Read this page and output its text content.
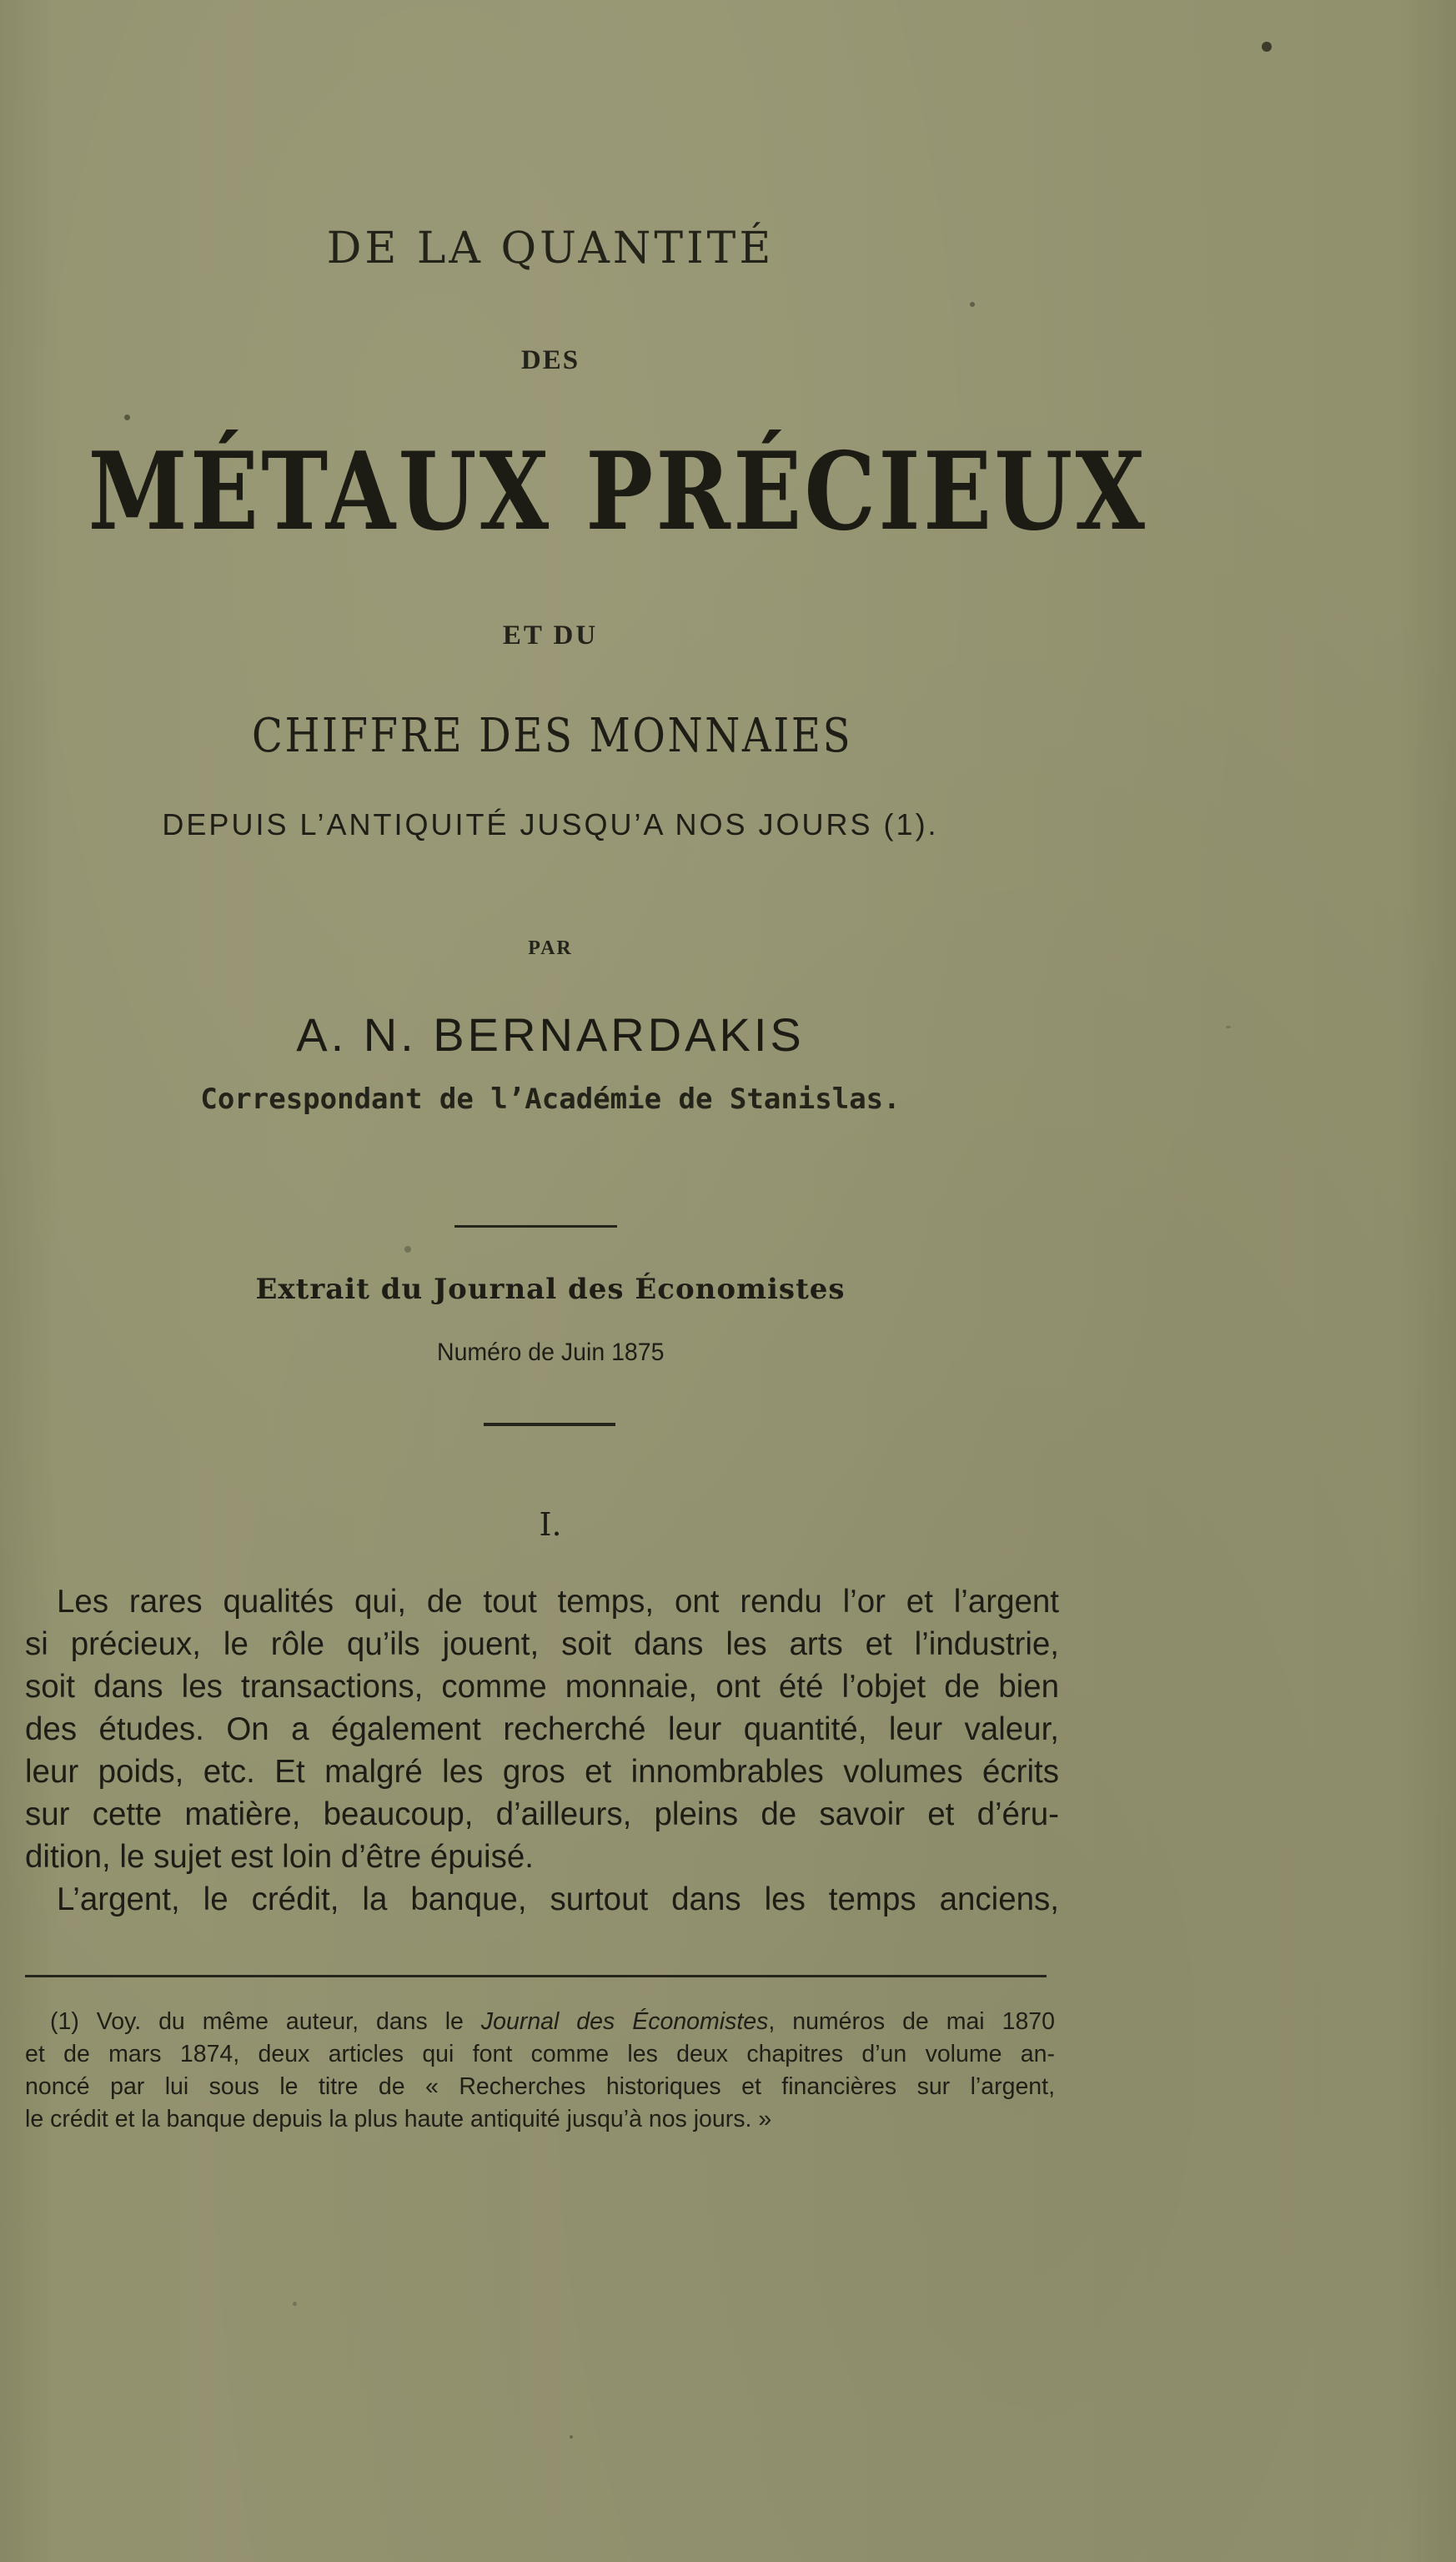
DE LA QUANTITÉ
DES
MÉTAUX PRÉCIEUX
ET DU
CHIFFRE DES MONNAIES
DEPUIS L’ANTIQUITÉ JUSQU’A NOS JOURS (1).
PAR
A. N. BERNARDAKIS
Correspondant de l’Académie de Stanislas.
Extrait du Journal des Économistes
Numéro de Juin 1875
I.
Les rares qualités qui, de tout temps, ont rendu l’or et l’argent
si précieux, le rôle qu’ils jouent, soit dans les arts et l’industrie,
soit dans les transactions, comme monnaie, ont été l’objet de bien
des études. On a également recherché leur quantité, leur valeur,
leur poids, etc. Et malgré les gros et innombrables volumes écrits
sur cette matière, beaucoup, d’ailleurs, pleins de savoir et d’éru-
dition, le sujet est loin d’être épuisé.
L’argent, le crédit, la banque, surtout dans les temps anciens,
(1) Voy. du même auteur, dans le Journal des Économistes, numéros de mai 1870
et de mars 1874, deux articles qui font comme les deux chapitres d’un volume an-
noncé par lui sous le titre de « Recherches historiques et financières sur l’argent,
le crédit et la banque depuis la plus haute antiquité jusqu’à nos jours. »
